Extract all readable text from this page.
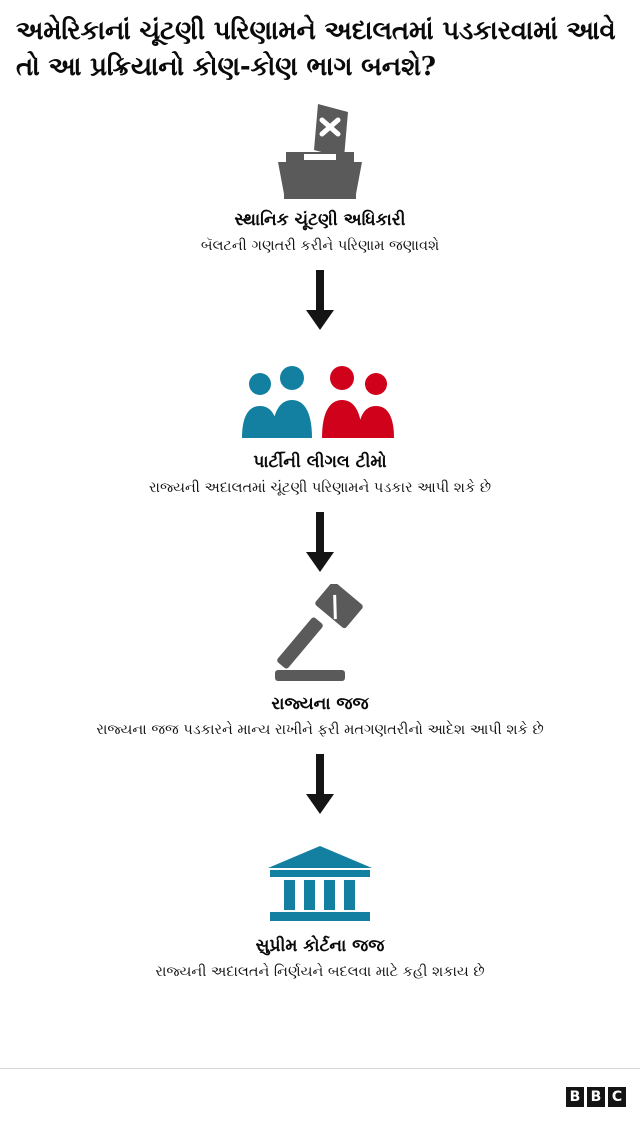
અમેરિકાનાં ચૂંટણી પરિણામને અદાલતમાં પડકારવામાં આવે તો આ પ્રક્રિયાનો કોણ-કોણ ભાગ બનશે?
સ્થાનિક ચૂંટણી અધિકારી
બૅલટની ગણતરી કરીને પરિણામ જણાવશે
પાર્ટીની લીગલ ટીમો
રાજ્યની અદાલતમાં ચૂંટણી પરિણામને પડકાર આપી શકે છે
રાજ્યના જજ
રાજ્યના જજ પડકારને માન્ય રાખીને ફરી મતગણતરીનો આદેશ આપી શકે છે
સુપ્રીમ કોર્ટના જજ
રાજ્યની અદાલતને નિર્ણયને બદલવા માટે કહી શકાય છે
B B C
